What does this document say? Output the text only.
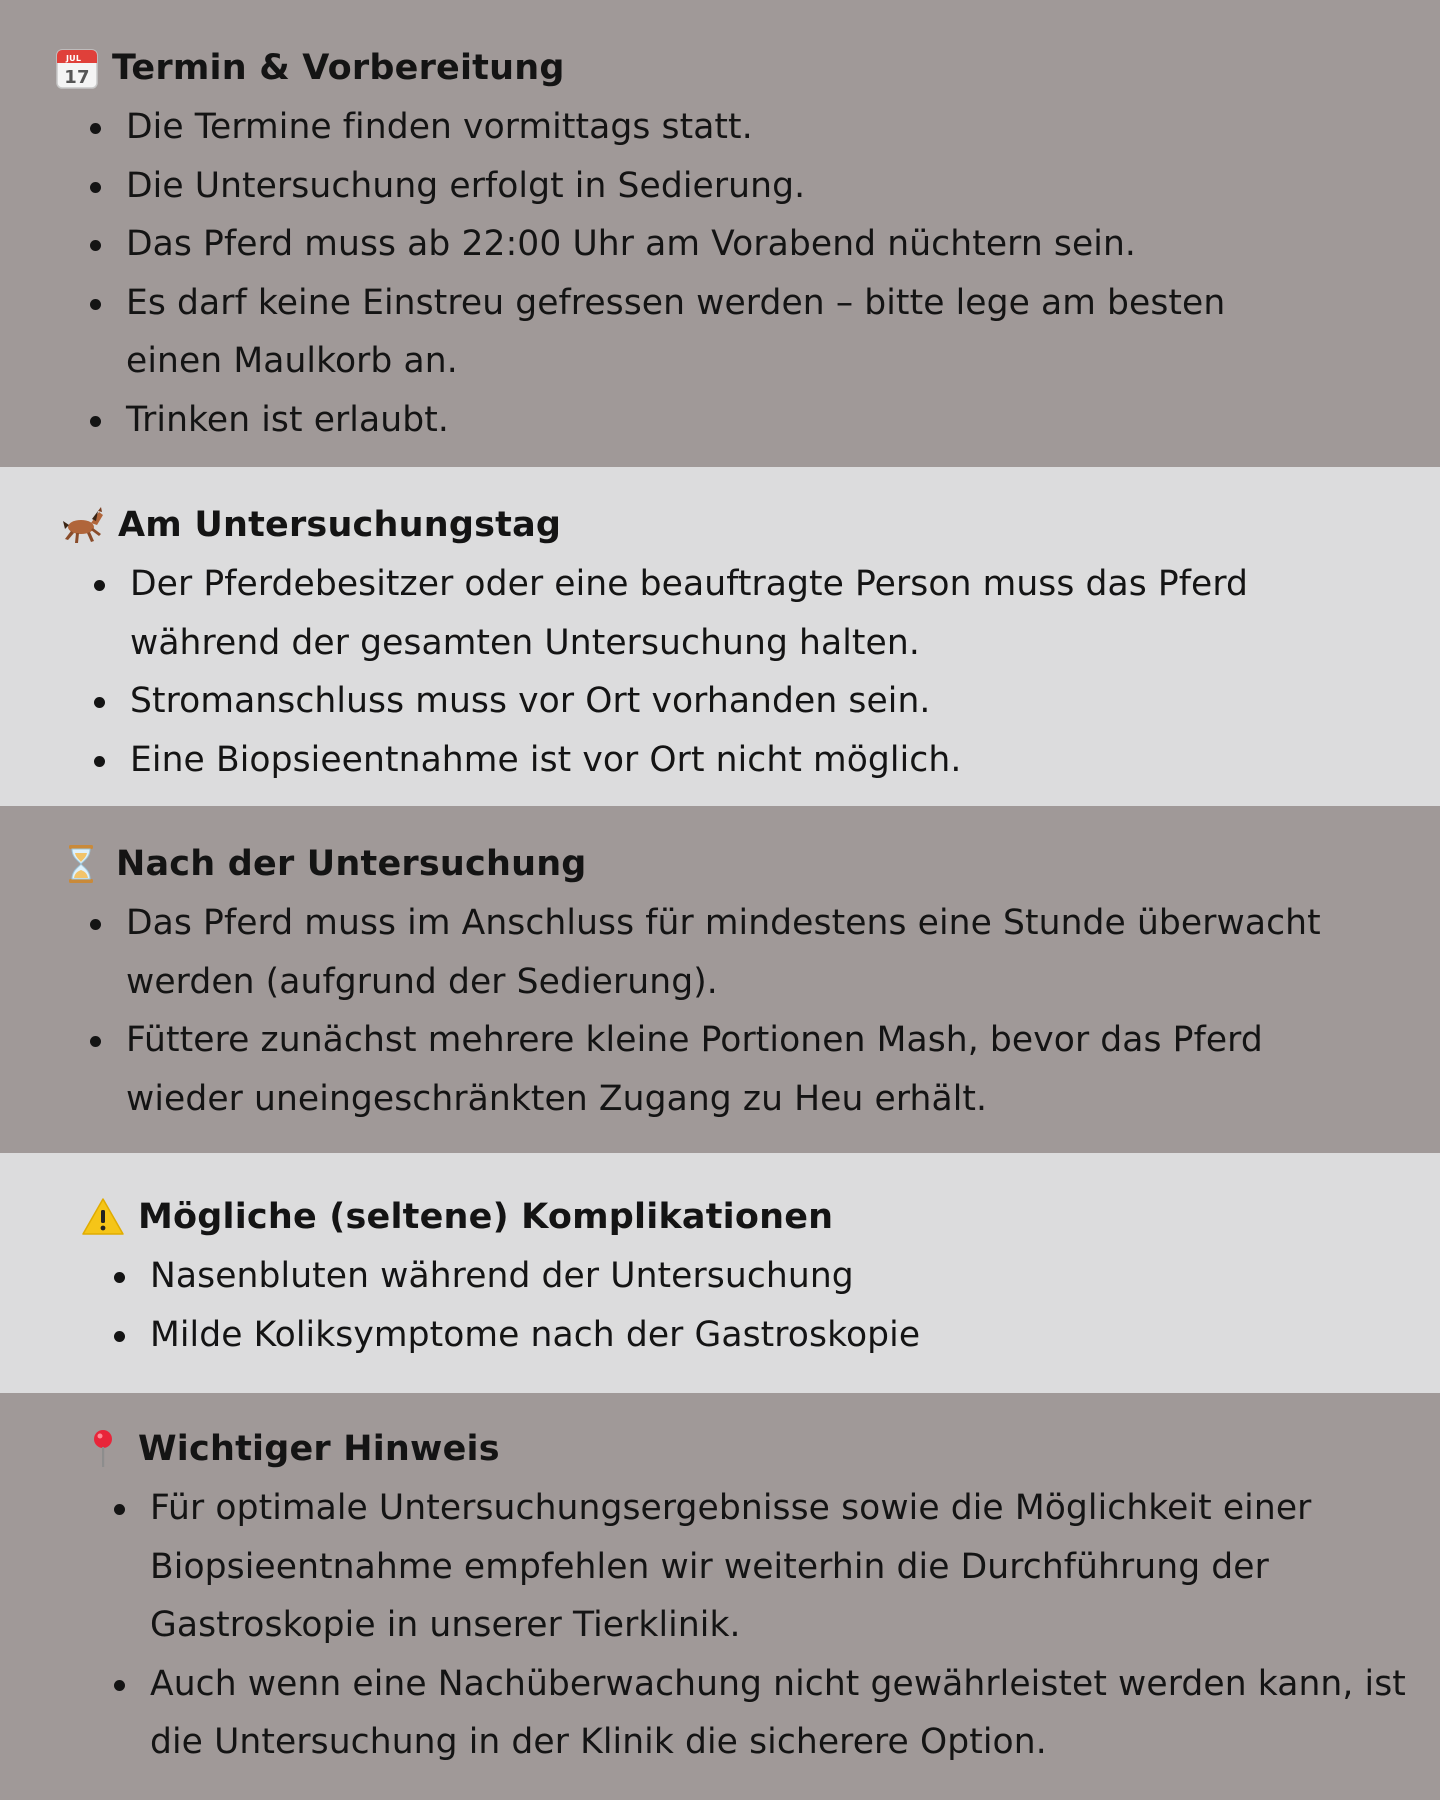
JUL
17 Termin & Vorbereitung
Die Termine finden vormittags statt.
Die Untersuchung erfolgt in Sedierung.
Das Pferd muss ab 22:00 Uhr am Vorabend nüchtern sein.
Es darf keine Einstreu gefressen werden – bitte lege am besten einen Maulkorb an.
Trinken ist erlaubt.
Am Untersuchungstag
Der Pferdebesitzer oder eine beauftragte Person muss das Pferd während der gesamten Untersuchung halten.
Stromanschluss muss vor Ort vorhanden sein.
Eine Biopsieentnahme ist vor Ort nicht möglich.
Nach der Untersuchung
Das Pferd muss im Anschluss für mindestens eine Stunde überwacht werden (aufgrund der Sedierung).
Füttere zunächst mehrere kleine Portionen Mash, bevor das Pferd wieder uneingeschränkten Zugang zu Heu erhält.
Mögliche (seltene) Komplikationen
Nasenbluten während der Untersuchung
Milde Koliksymptome nach der Gastroskopie
Wichtiger Hinweis
Für optimale Untersuchungsergebnisse sowie die Möglichkeit einer Biopsieentnahme empfehlen wir weiterhin die Durchführung der Gastroskopie in unserer Tierklinik.
Auch wenn eine Nachüberwachung nicht gewährleistet werden kann, ist die Untersuchung in der Klinik die sicherere Option.
